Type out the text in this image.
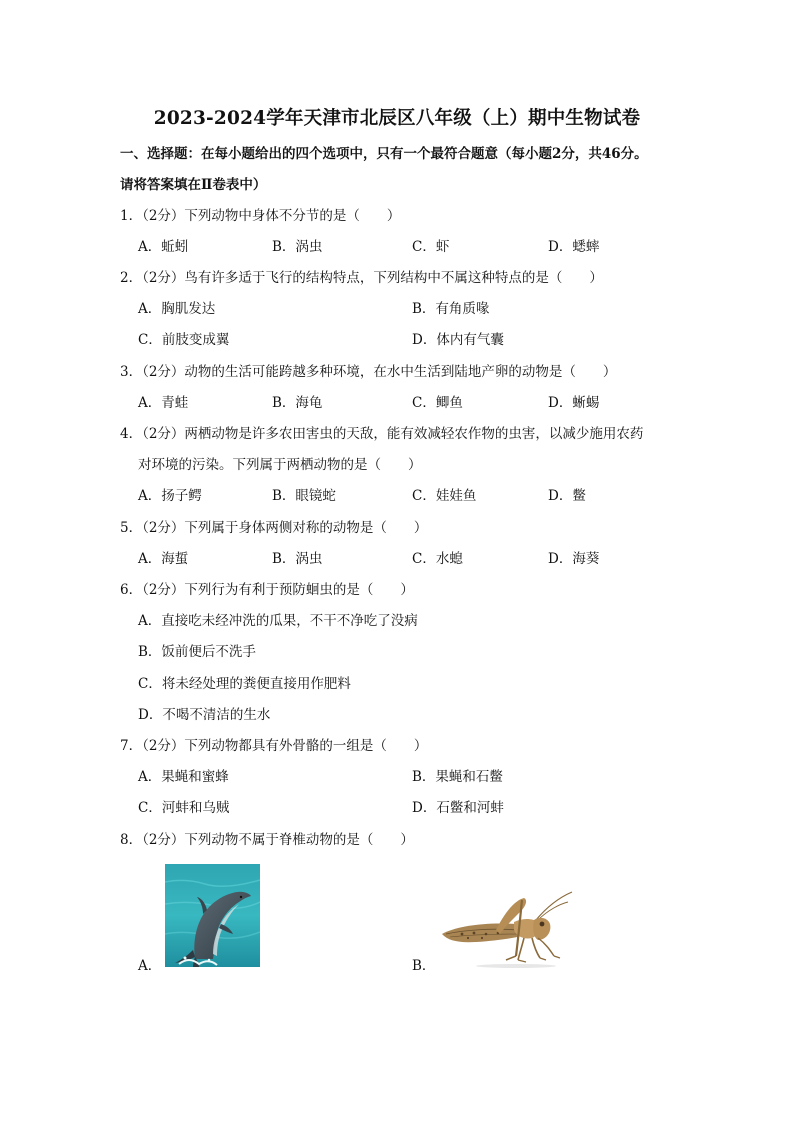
2023-2024学年天津市北辰区八年级（上）期中生物试卷
一、选择题：在每小题给出的四个选项中，只有一个最符合题意（每小题2分，共46分。
请将答案填在Ⅱ卷表中）
1．（2分）下列动物中身体不分节的是（　　）
A．蚯蚓	B．涡虫	C．虾	D．蟋蟀
2．（2分）鸟有许多适于飞行的结构特点，下列结构中不属这种特点的是（　　）
A．胸肌发达	B．有角质喙
C．前肢变成翼	D．体内有气囊
3．（2分）动物的生活可能跨越多种环境，在水中生活到陆地产卵的动物是（　　）
A．青蛙	B．海龟	C．鲫鱼	D．蜥蜴
4．（2分）两栖动物是许多农田害虫的天敌，能有效减轻农作物的虫害，以减少施用农药
对环境的污染。下列属于两栖动物的是（　　）
A．扬子鳄	B．眼镜蛇	C．娃娃鱼	D．鳖
5．（2分）下列属于身体两侧对称的动物是（　　）
A．海蜇	B．涡虫	C．水螅	D．海葵
6．（2分）下列行为有利于预防蛔虫的是（　　）
A．直接吃未经冲洗的瓜果，不干不净吃了没病
B．饭前便后不洗手
C．将未经处理的粪便直接用作肥料
D．不喝不清洁的生水
7．（2分）下列动物都具有外骨骼的一组是（　　）
A．果蝇和蜜蜂	B．果蝇和石鳖
C．河蚌和乌贼	D．石鳖和河蚌
8．（2分）下列动物不属于脊椎动物的是（　　）
A．	B．
